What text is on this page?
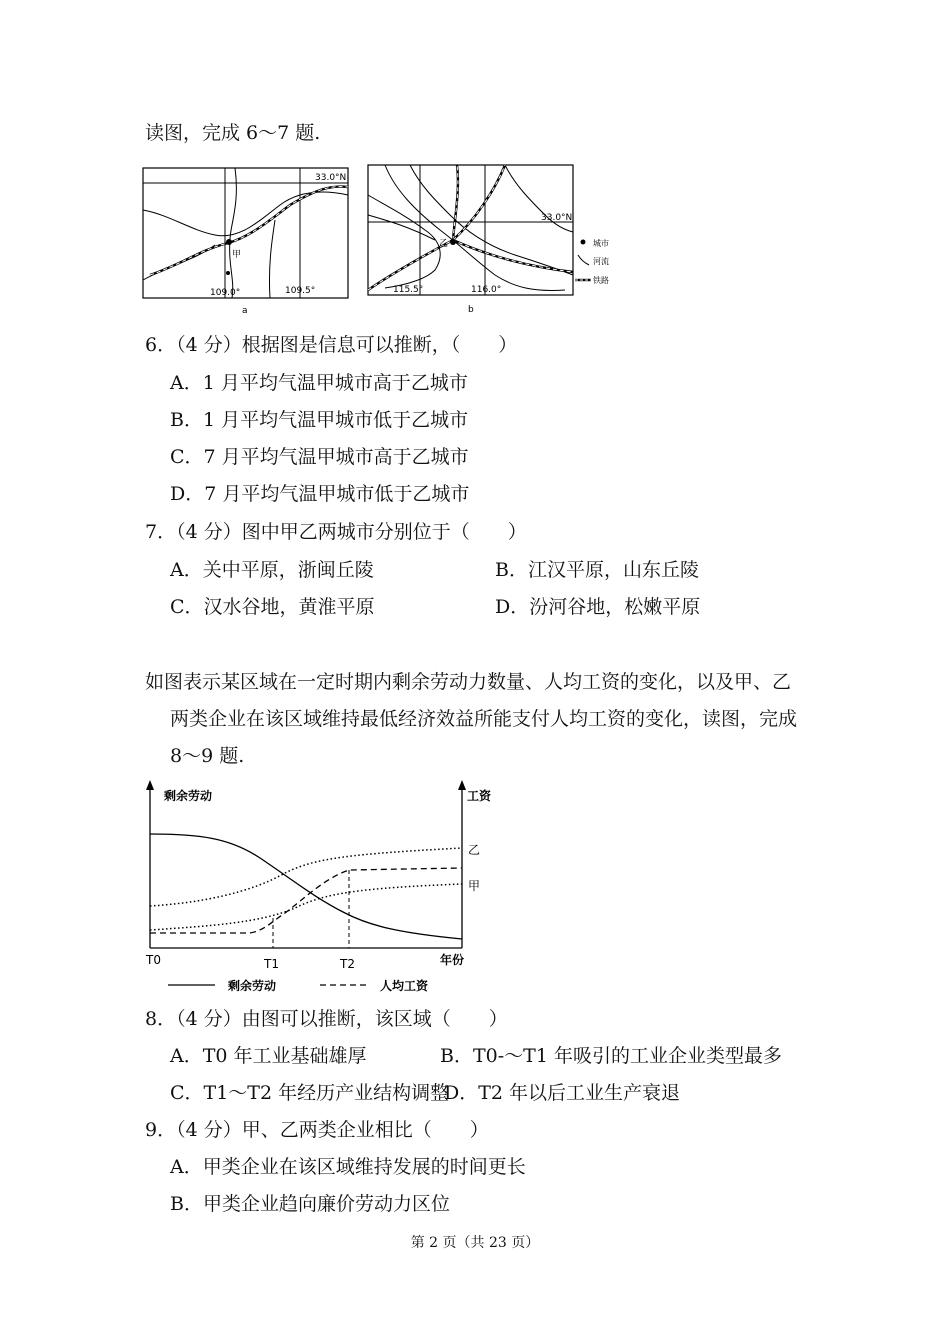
读图，完成 6～7 题.
甲
33.0°N
109.0°	109.5°
a
乙
33.0°N
115.5°	116.0°
b
城市
河流
铁路
6．（4 分）根据图是信息可以推断，（　　）
A．1 月平均气温甲城市高于乙城市
B．1 月平均气温甲城市低于乙城市
C．7 月平均气温甲城市高于乙城市
D．7 月平均气温甲城市低于乙城市
7．（4 分）图中甲乙两城市分别位于（　　）
A．关中平原，浙闽丘陵	B．江汉平原，山东丘陵
C．汉水谷地，黄淮平原	D．汾河谷地，松嫩平原
如图表示某区域在一定时期内剩余劳动力数量、人均工资的变化，以及甲、乙
两类企业在该区域维持最低经济效益所能支付人均工资的变化，读图，完成
8～9 题.
剩余劳动	工资
年份
T0	T1	T2
乙
甲
剩余劳动	人均工资
8．（4 分）由图可以推断，该区域（　　）
A．T0 年工业基础雄厚	B．T0-～T1 年吸引的工业企业类型最多
C．T1～T2 年经历产业结构调整
D．T2 年以后工业生产衰退
9．（4 分）甲、乙两类企业相比（　　）
A．甲类企业在该区域维持发展的时间更长
B．甲类企业趋向廉价劳动力区位
第 2 页（共 23 页）
